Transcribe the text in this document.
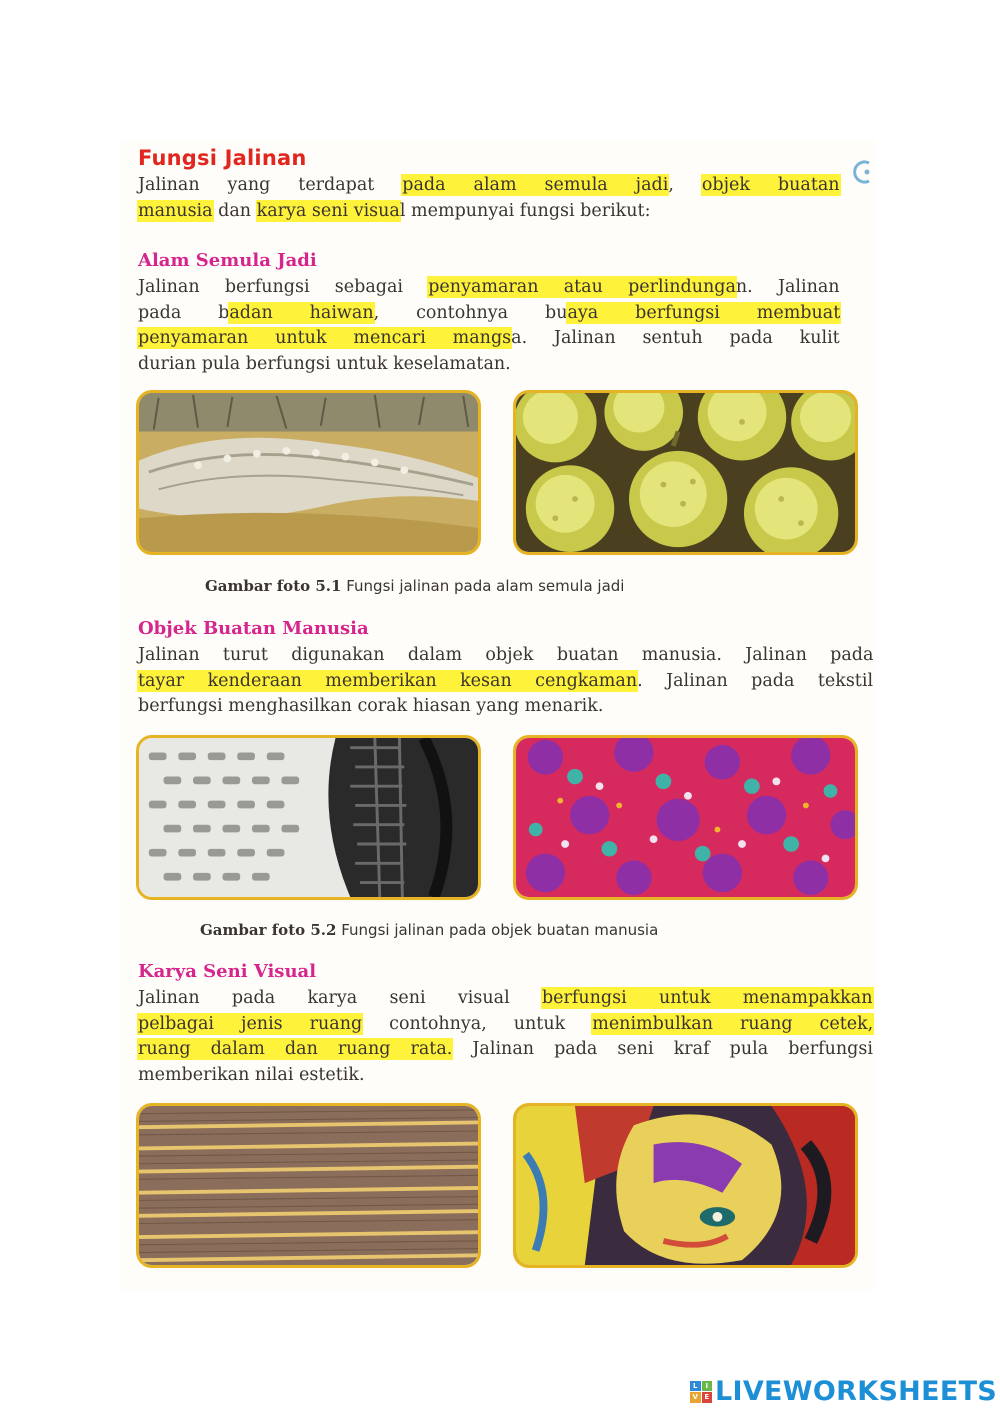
Fungsi Jalinan
Jalinan yang terdapat pada alam semula jadi, objek buatan
manusia dan karya seni visual mempunyai fungsi berikut:
Alam Semula Jadi
Jalinan berfungsi sebagai penyamaran atau perlindungan. Jalinan
pada badan haiwan, contohnya buaya berfungsi membuat
penyamaran untuk mencari mangsa. Jalinan sentuh pada kulit
durian pula berfungsi untuk keselamatan.
Gambar foto 5.1 Fungsi jalinan pada alam semula jadi
Objek Buatan Manusia
Jalinan turut digunakan dalam objek buatan manusia. Jalinan pada
tayar kenderaan memberikan kesan cengkaman. Jalinan pada tekstil
berfungsi menghasilkan corak hiasan yang menarik.
Gambar foto 5.2 Fungsi jalinan pada objek buatan manusia
Karya Seni Visual
Jalinan pada karya seni visual berfungsi untuk menampakkan
pelbagai jenis ruang contohnya, untuk menimbulkan ruang cetek,
ruang dalam dan ruang rata. Jalinan pada seni kraf pula berfungsi
memberikan nilai estetik.
L	I
V E LIVEWORKSHEETS
